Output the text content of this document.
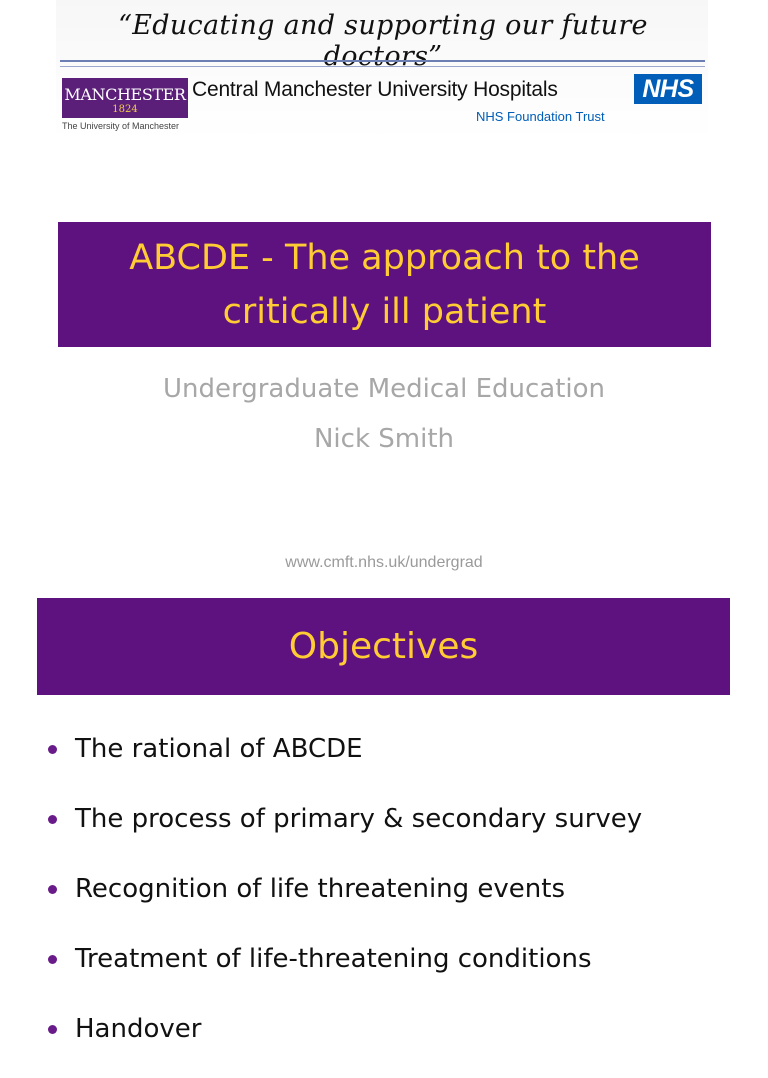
“Educating and supporting our future doctors”
MANCHESTER
1824
The University of Manchester
Central Manchester University Hospitals	NHS
NHS Foundation Trust
ABCDE - The approach to the critically ill patient
Undergraduate Medical Education
Nick Smith
www.cmft.nhs.uk/undergrad
Objectives
The rational of ABCDE
The process of primary & secondary survey
Recognition of life threatening events
Treatment of life-threatening conditions
Handover
